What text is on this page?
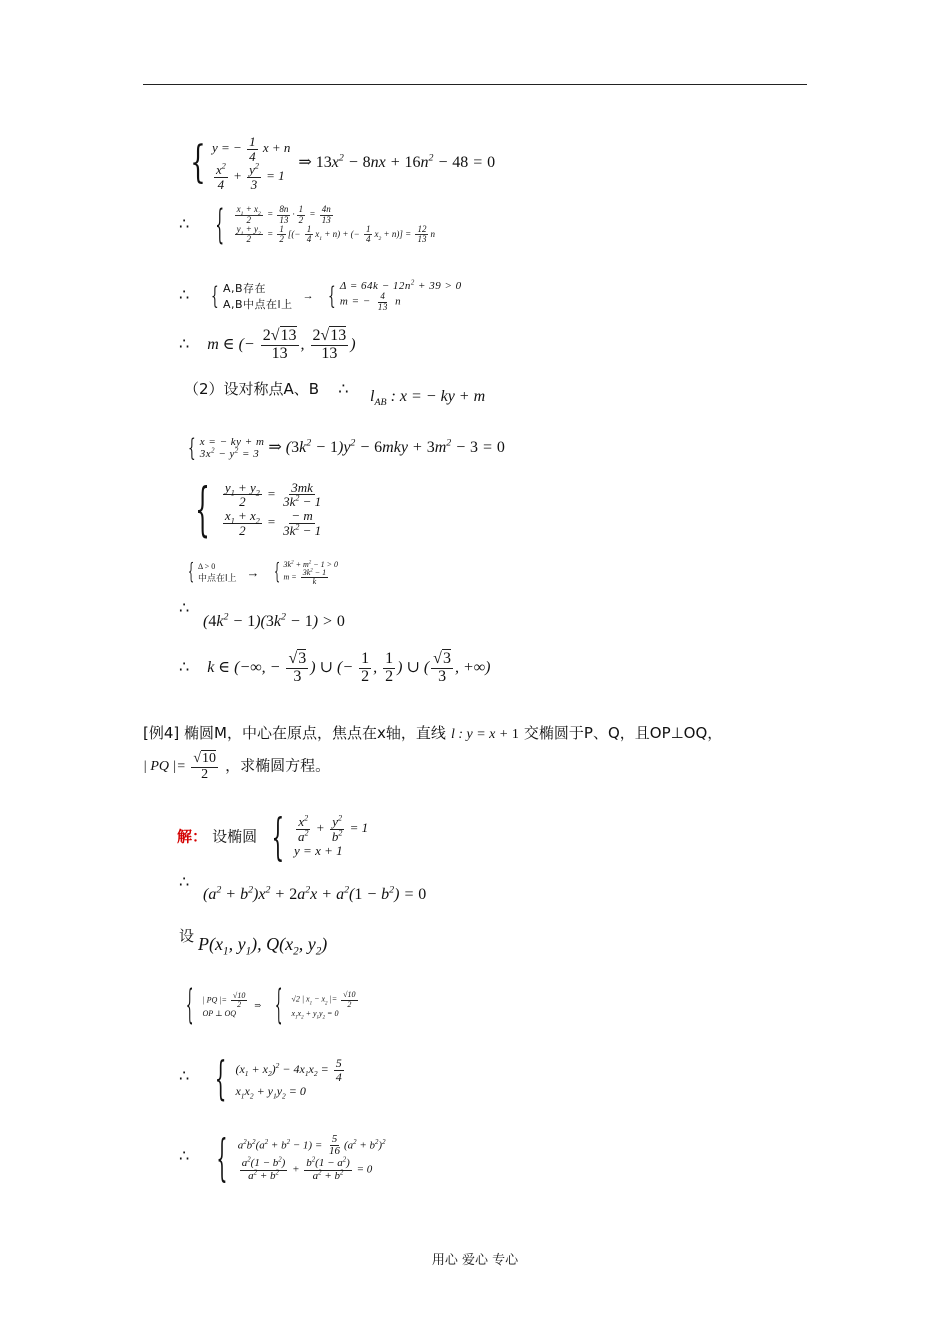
{ y = − $\frac{1}{4}$ x + n
$\frac{x^2}{4} + \frac{y^2}{3} = 1$
⇒ $13x^2 - 8nx + 16n^2 - 48 = 0$
∴ { $\frac{x_1 + x_2}{2} = \frac{8n}{13} \cdot \frac{1}{2} = \frac{4n}{13}$
$\frac{y_1 + y_2}{2} = \frac{1}{2}$ [(− $\frac{1}{4} x_1 + n$) + (− $\frac{1}{4} x_2 + n)] = \frac{12}{13}$ n
∴ { A,B存在
A,B中点在l上
→ { $\Delta = 64k - 12n^2 + 39 > 0$
m = − $\frac{4}{13}$ n
∴ m ∈ (− $\frac{2√13}{13}$ , $\frac{2√13}{13}$ )
（2）设对称点A、B ∴	$l_{AB}$ : x = − ky + m
{ x = − ky + m
$3x^2 - y^2 = 3$ ⇒ $(3k^2 - 1)y^2 - 6mky + 3m^2 - 3 = 0$
{ $\frac{y_1 + y_2}{2} = \frac{3mk}{3k^2 - 1}$
$\frac{x_1 + x_2}{2} = \frac{- m}{3k^2 - 1}$
{ Δ > 0
中点在l上 → { $3k^2 + m^2 - 1 > 0$
$m = \frac{3k^2 - 1}{k}$
∴
$(4k^2 - 1)(3k^2 - 1) > 0$
∴ k ∈ (−∞, − $\frac{√3}{3}$ ) ∪ (− $\frac{1}{2}$ , $\frac{1}{2}$ ) ∪ ( $\frac{√3}{3}$ , +∞)
[例4] 椭圆M，中心在原点，焦点在x轴，直线 l : y = x + 1 交椭圆于P、Q，且OP⊥OQ，
| PQ |= $\frac{√10}{2}$ ，求椭圆方程。
解： 设椭圆 { $\frac{x^2}{a^2} + \frac{y^2}{b^2} = 1$
y = x + 1
∴
$(a^2 + b^2)x^2 + 2a^2x + a^2(1 - b^2) = 0$
设 $P(x_1$, $y_1$), $Q(x_2$, $y_2$)
{ | PQ |= $\frac{√10}{2}$
OP ⊥ OQ
⇒ { √2 | $x_1 - x_2$ |= $\frac{√10}{2}$
$x_1x_2 + y_1y_2 = 0$
∴ { $(x_1 + x_2)^2 - 4x_1x_2 = \frac{5}{4}$
$x_1x_2 + y_1y_2 = 0$
∴ { $a^2b^2(a^2 + b^2 - 1) = \frac{5}{16} (a^2 + b^2)^2$
$\frac{a^2(1 - b^2)}{a^2 + b^2} + \frac{b^2(1 - a^2)}{a^2 + b^2} = 0$
用心 爱心 专心
